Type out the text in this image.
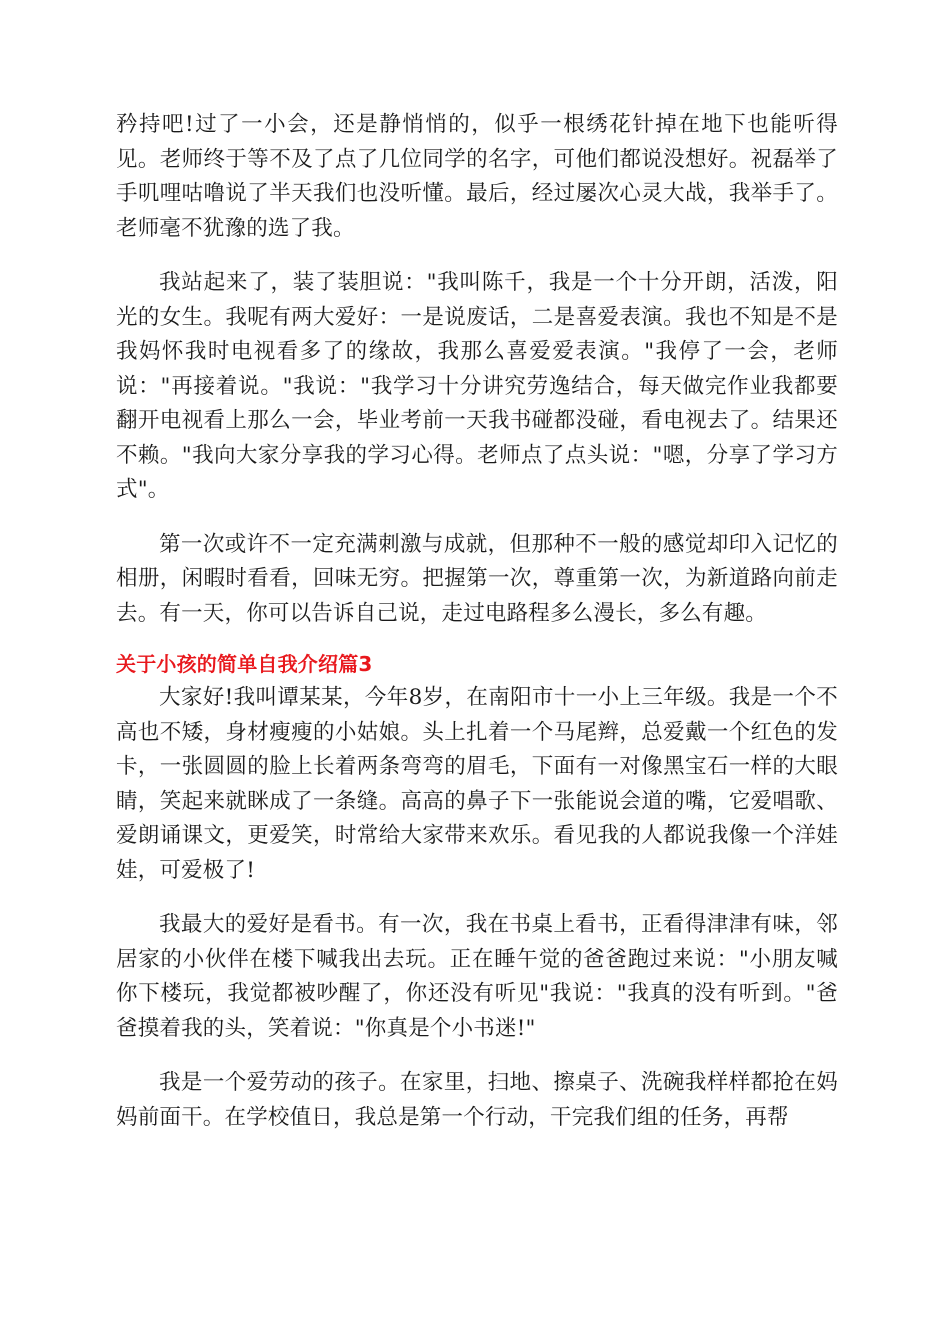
矜持吧!过了一小会，还是静悄悄的，似乎一根绣花针掉在地下也能听得见。老师终于等不及了点了几位同学的名字，可他们都说没想好。祝磊举了手叽哩咕噜说了半天我们也没听懂。最后，经过屡次心灵大战，我举手了。老师毫不犹豫的选了我。

我站起来了，装了装胆说："我叫陈千，我是一个十分开朗，活泼，阳光的女生。我呢有两大爱好：一是说废话，二是喜爱表演。我也不知是不是我妈怀我时电视看多了的缘故，我那么喜爱爱表演。"我停了一会，老师说："再接着说。"我说："我学习十分讲究劳逸结合，每天做完作业我都要翻开电视看上那么一会，毕业考前一天我书碰都没碰，看电视去了。结果还不赖。"我向大家分享我的学习心得。老师点了点头说："嗯，分享了学习方式"。

第一次或许不一定充满刺激与成就，但那种不一般的感觉却印入记忆的相册，闲暇时看看，回味无穷。把握第一次，尊重第一次，为新道路向前走去。有一天，你可以告诉自己说，走过电路程多么漫长，多么有趣。

关于小孩的简单自我介绍篇3

大家好!我叫谭某某，今年8岁，在南阳市十一小上三年级。我是一个不高也不矮，身材瘦瘦的小姑娘。头上扎着一个马尾辫，总爱戴一个红色的发卡，一张圆圆的脸上长着两条弯弯的眉毛，下面有一对像黑宝石一样的大眼睛，笑起来就眯成了一条缝。高高的鼻子下一张能说会道的嘴，它爱唱歌、爱朗诵课文，更爱笑，时常给大家带来欢乐。看见我的人都说我像一个洋娃娃，可爱极了!

我最大的爱好是看书。有一次，我在书桌上看书，正看得津津有味，邻居家的小伙伴在楼下喊我出去玩。正在睡午觉的爸爸跑过来说："小朋友喊你下楼玩，我觉都被吵醒了，你还没有听见"我说："我真的没有听到。"爸爸摸着我的头，笑着说："你真是个小书迷!"

我是一个爱劳动的孩子。在家里，扫地、擦桌子、洗碗我样样都抢在妈妈前面干。在学校值日，我总是第一个行动，干完我们组的任务，再帮
